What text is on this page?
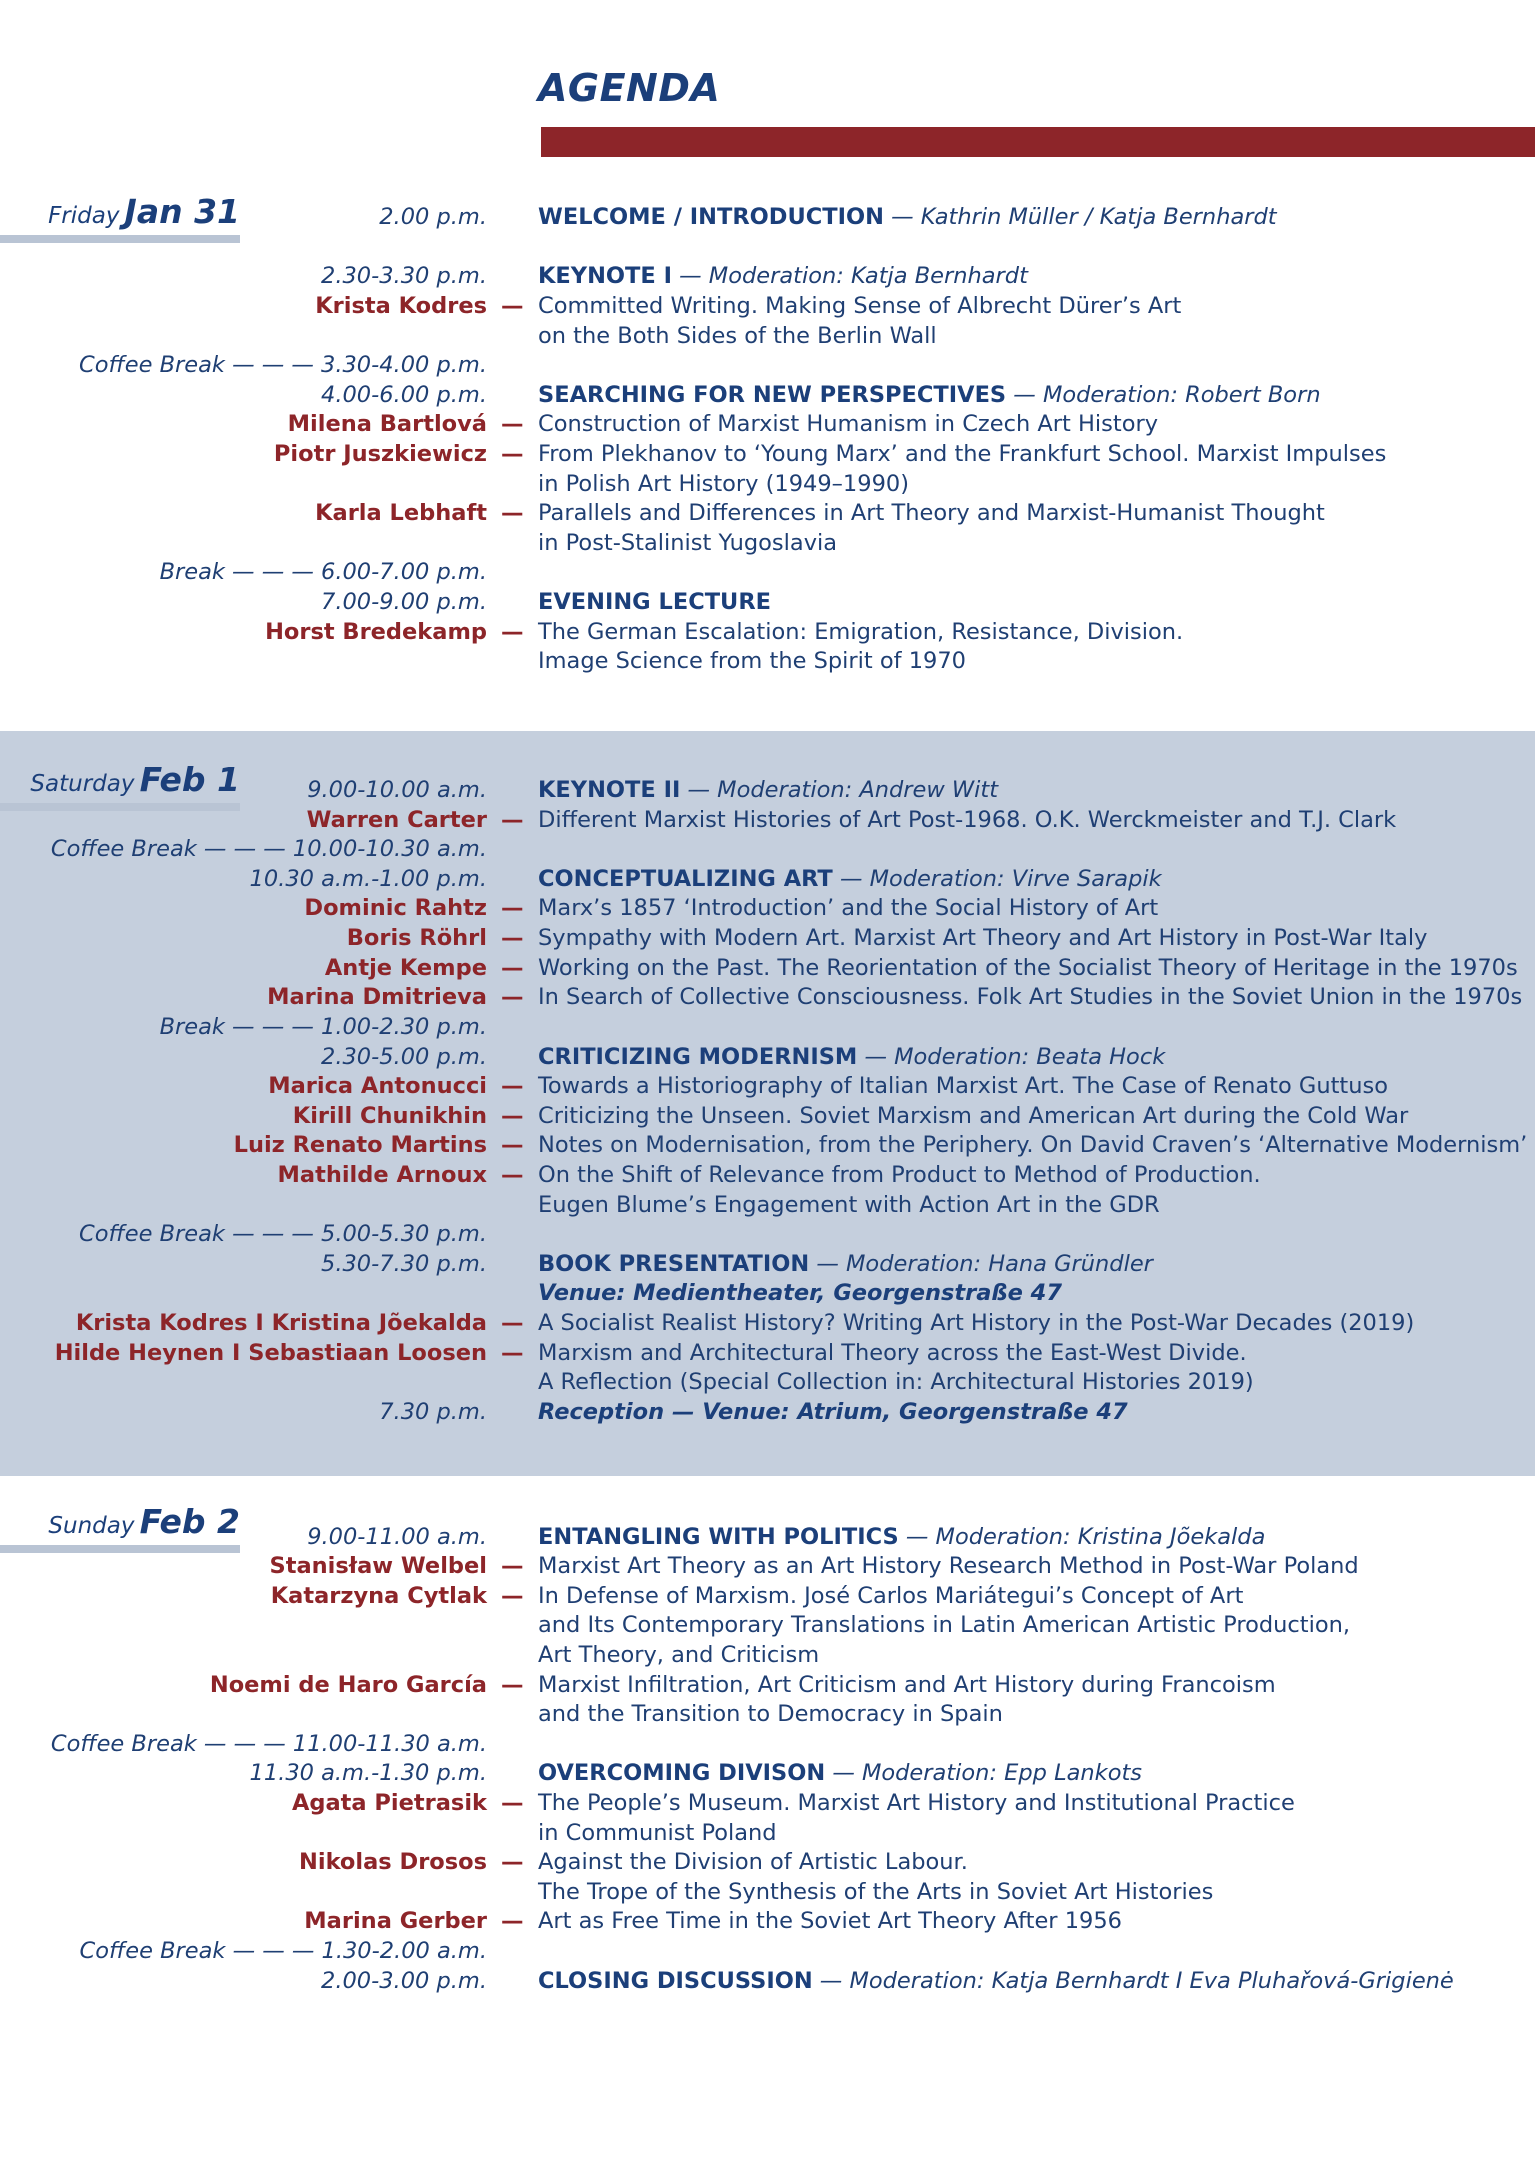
AGENDA
Friday Jan 31	2.00 p.m. WELCOME / INTRODUCTION — Kathrin Müller / Katja Bernhardt
2.30-3.30 p.m. KEYNOTE I — Moderation: Katja Bernhardt
Krista Kodres — Committed Writing. Making Sense of Albrecht Dürer’s Art
on the Both Sides of the Berlin Wall
Coffee Break — — — 3.30-4.00 p.m.
4.00-6.00 p.m. SEARCHING FOR NEW PERSPECTIVES — Moderation: Robert Born
Milena Bartlová — Construction of Marxist Humanism in Czech Art History
Piotr Juszkiewicz — From Plekhanov to ‘Young Marx’ and the Frankfurt School. Marxist Impulses
in Polish Art History (1949–1990)
Karla Lebhaft — Parallels and Differences in Art Theory and Marxist-Humanist Thought
in Post-Stalinist Yugoslavia
Break — — — 6.00-7.00 p.m.
7.00-9.00 p.m. EVENING LECTURE
Horst Bredekamp — The German Escalation: Emigration, Resistance, Division.
Image Science from the Spirit of 1970
Saturday Feb 1	9.00-10.00 a.m. KEYNOTE II — Moderation: Andrew Witt
Warren Carter — Different Marxist Histories of Art Post-1968. O.K. Werckmeister and T.J. Clark
Coffee Break — — — 10.00-10.30 a.m.
10.30 a.m.-1.00 p.m. CONCEPTUALIZING ART — Moderation: Virve Sarapik
Dominic Rahtz — Marx’s 1857 ‘Introduction’ and the Social History of Art
Boris Röhrl — Sympathy with Modern Art. Marxist Art Theory and Art History in Post-War Italy
Antje Kempe — Working on the Past. The Reorientation of the Socialist Theory of Heritage in the 1970s
Marina Dmitrieva — In Search of Collective Consciousness. Folk Art Studies in the Soviet Union in the 1970s
Break — — — 1.00-2.30 p.m.
2.30-5.00 p.m. CRITICIZING MODERNISM — Moderation: Beata Hock
Marica Antonucci — Towards a Historiography of Italian Marxist Art. The Case of Renato Guttuso
Kirill Chunikhin — Criticizing the Unseen. Soviet Marxism and American Art during the Cold War
Luiz Renato Martins — Notes on Modernisation, from the Periphery. On David Craven’s ‘Alternative Modernism’
Mathilde Arnoux — On the Shift of Relevance from Product to Method of Production.
Eugen Blume’s Engagement with Action Art in the GDR
Coffee Break — — — 5.00-5.30 p.m.
5.30-7.30 p.m. BOOK PRESENTATION — Moderation: Hana Gründler
Venue: Medientheater, Georgenstraße 47
Krista Kodres I Kristina Jõekalda — A Socialist Realist History? Writing Art History in the Post-War Decades (2019)
Hilde Heynen I Sebastiaan Loosen — Marxism and Architectural Theory across the East-West Divide.
A Reflection (Special Collection in: Architectural Histories 2019)
7.30 p.m. Reception — Venue: Atrium, Georgenstraße 47
Sunday Feb 2	9.00-11.00 a.m. ENTANGLING WITH POLITICS — Moderation: Kristina Jõekalda
Stanisław Welbel — Marxist Art Theory as an Art History Research Method in Post-War Poland
Katarzyna Cytlak — In Defense of Marxism. José Carlos Mariátegui’s Concept of Art
and Its Contemporary Translations in Latin American Artistic Production,
Art Theory, and Criticism
Noemi de Haro García — Marxist Infiltration, Art Criticism and Art History during Francoism
and the Transition to Democracy in Spain
Coffee Break — — — 11.00-11.30 a.m.
11.30 a.m.-1.30 p.m. OVERCOMING DIVISON — Moderation: Epp Lankots
Agata Pietrasik — The People’s Museum. Marxist Art History and Institutional Practice
in Communist Poland
Nikolas Drosos — Against the Division of Artistic Labour.
The Trope of the Synthesis of the Arts in Soviet Art Histories
Marina Gerber — Art as Free Time in the Soviet Art Theory After 1956
Coffee Break — — — 1.30-2.00 a.m.
2.00-3.00 p.m. CLOSING DISCUSSION — Moderation: Katja Bernhardt I Eva Pluhařová-Grigienė
